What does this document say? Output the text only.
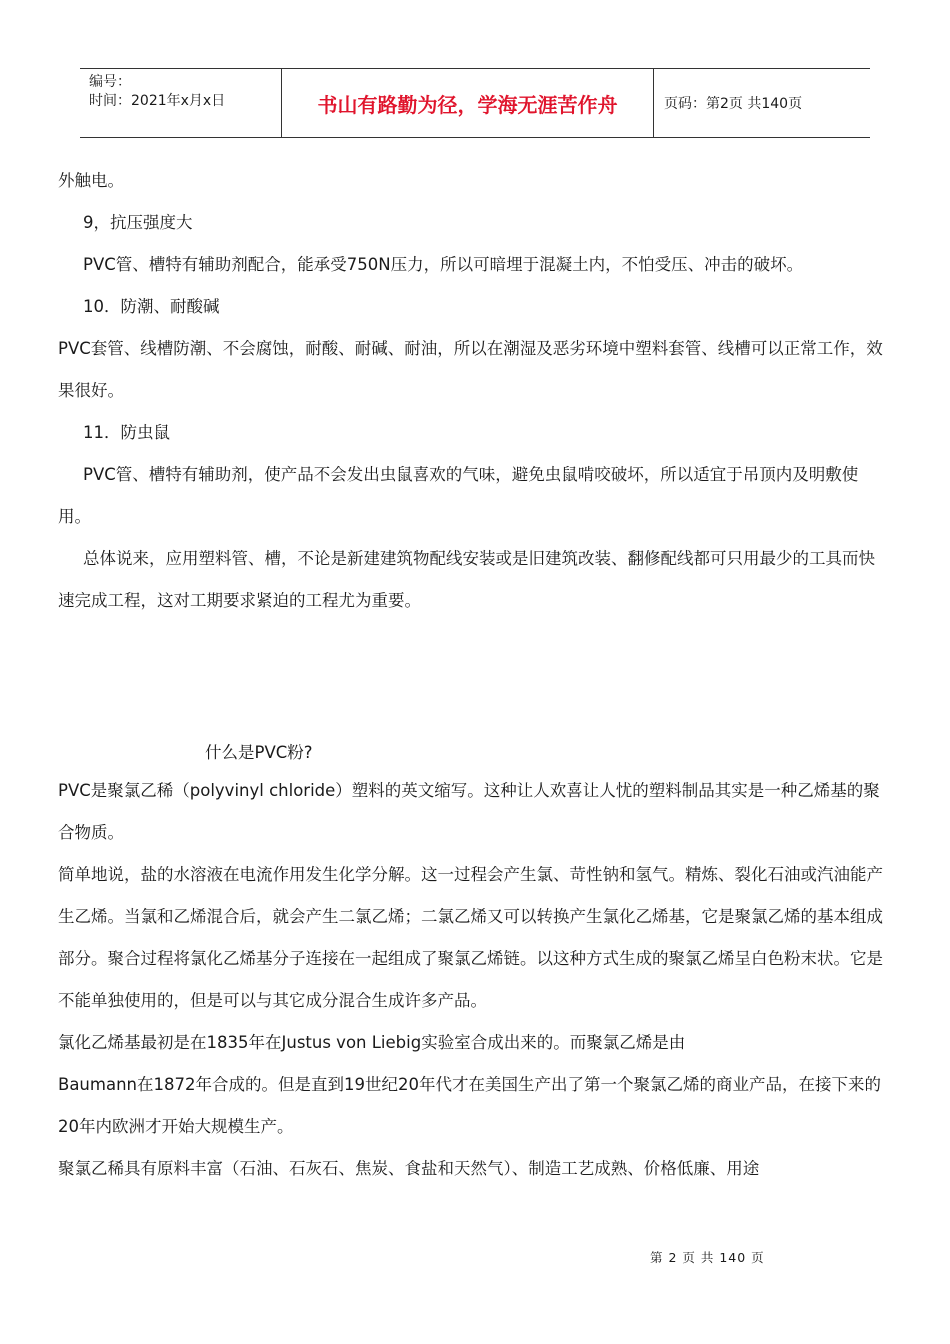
编号：
时间：2021年x月x日	书山有路勤为径，学海无涯苦作舟	页码：第2页 共140页

外触电。

9，抗压强度大

PVC管、槽特有辅助剂配合，能承受750N压力，所以可暗埋于混凝土内，不怕受压、冲击的破坏。

10．防潮、耐酸碱

PVC套管、线槽防潮、不会腐蚀，耐酸、耐碱、耐油，所以在潮湿及恶劣环境中塑料套管、线槽可以正常工作，效果很好。

11．防虫鼠

PVC管、槽特有辅助剂，使产品不会发出虫鼠喜欢的气味，避免虫鼠啃咬破坏，所以适宜于吊顶内及明敷使用。

总体说来，应用塑料管、槽，不论是新建建筑物配线安装或是旧建筑改装、翻修配线都可只用最少的工具而快速完成工程，这对工期要求紧迫的工程尤为重要。

什么是PVC粉?

PVC是聚氯乙稀（polyvinyl chloride）塑料的英文缩写。这种让人欢喜让人忧的塑料制品其实是一种乙烯基的聚合物质。

简单地说，盐的水溶液在电流作用发生化学分解。这一过程会产生氯、苛性钠和氢气。精炼、裂化石油或汽油能产生乙烯。当氯和乙烯混合后，就会产生二氯乙烯；二氯乙烯又可以转换产生氯化乙烯基，它是聚氯乙烯的基本组成部分。聚合过程将氯化乙烯基分子连接在一起组成了聚氯乙烯链。以这种方式生成的聚氯乙烯呈白色粉末状。它是不能单独使用的，但是可以与其它成分混合生成许多产品。

氯化乙烯基最初是在1835年在Justus von Liebig实验室合成出来的。而聚氯乙烯是由

Baumann在1872年合成的。但是直到19世纪20年代才在美国生产出了第一个聚氯乙烯的商业产品，在接下来的20年内欧洲才开始大规模生产。

聚氯乙稀具有原料丰富（石油、石灰石、焦炭、食盐和天然气）、制造工艺成熟、价格低廉、用途

第 2 页 共 140 页
